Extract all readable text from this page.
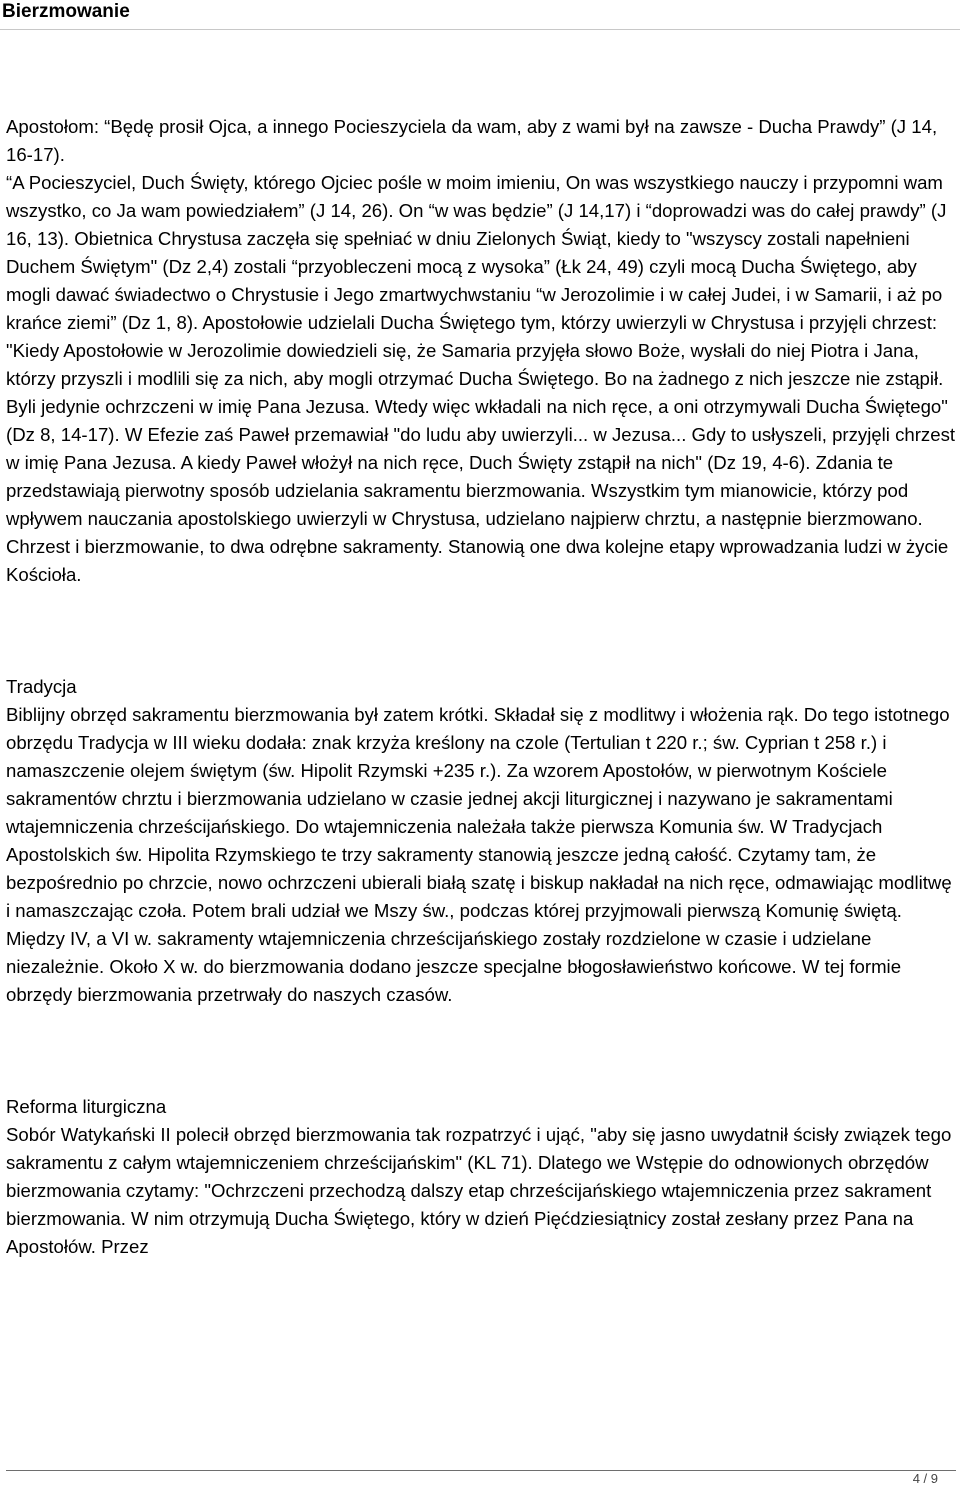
Bierzmowanie

Apostołom: “Będę prosił Ojca, a innego Pocieszyciela da wam, aby z wami był na zawsze - Ducha Prawdy” (J 14, 16-17).

“A Pocieszyciel, Duch Święty, którego Ojciec pośle w moim imieniu, On was wszystkiego nauczy i przypomni wam wszystko, co Ja wam powiedziałem” (J 14, 26). On “w was będzie” (J 14,17) i “doprowadzi was do całej prawdy” (J 16, 13). Obietnica Chrystusa zaczęła się spełniać w dniu Zielonych Świąt, kiedy to "wszyscy zostali napełnieni Duchem Świętym" (Dz 2,4) zostali “przyobleczeni mocą z wysoka” (Łk 24, 49) czyli mocą Ducha Świętego, aby mogli dawać świadectwo o Chrystusie i Jego zmartwychwstaniu “w Jerozolimie i w całej Judei, i w Samarii, i aż po krańce ziemi” (Dz 1, 8). Apostołowie udzielali Ducha Świętego tym, którzy uwierzyli w Chrystusa i przyjęli chrzest: "Kiedy Apostołowie w Jerozolimie dowiedzieli się, że Samaria przyjęła słowo Boże, wysłali do niej Piotra i Jana, którzy przyszli i modlili się za nich, aby mogli otrzymać Ducha Świętego. Bo na żadnego z nich jeszcze nie zstąpił. Byli jedynie ochrzczeni w imię Pana Jezusa. Wtedy więc wkładali na nich ręce, a oni otrzymywali Ducha Świętego" (Dz 8, 14-17). W Efezie zaś Paweł przemawiał "do ludu aby uwierzyli... w Jezusa... Gdy to usłyszeli, przyjęli chrzest w imię Pana Jezusa. A kiedy Paweł włożył na nich ręce, Duch Święty zstąpił na nich" (Dz 19, 4-6). Zdania te przedstawiają pierwotny sposób udzielania sakramentu bierzmowania. Wszystkim tym mianowicie, którzy pod wpływem nauczania apostolskiego uwierzyli w Chrystusa, udzielano najpierw chrztu, a następnie bierzmowano. Chrzest i bierzmowanie, to dwa odrębne sakramenty. Stanowią one dwa kolejne etapy wprowadzania ludzi w życie Kościoła.

Tradycja

Biblijny obrzęd sakramentu bierzmowania był zatem krótki. Składał się z modlitwy i włożenia rąk. Do tego istotnego obrzędu Tradycja w III wieku dodała: znak krzyża kreślony na czole (Tertulian t 220 r.; św. Cyprian t 258 r.) i namaszczenie olejem świętym (św. Hipolit Rzymski +235 r.). Za wzorem Apostołów, w pierwotnym Kościele sakramentów chrztu i bierzmowania udzielano w czasie jednej akcji liturgicznej i nazywano je sakramentami wtajemniczenia chrześcijańskiego. Do wtajemniczenia należała także pierwsza Komunia św. W Tradycjach Apostolskich św. Hipolita Rzymskiego te trzy sakramenty stanowią jeszcze jedną całość. Czytamy tam, że bezpośrednio po chrzcie, nowo ochrzczeni ubierali białą szatę i biskup nakładał na nich ręce, odmawiając modlitwę i namaszczając czoła. Potem brali udział we Mszy św., podczas której przyjmowali pierwszą Komunię świętą. Między IV, a VI w. sakramenty wtajemniczenia chrześcijańskiego zostały rozdzielone w czasie i udzielane niezależnie. Około X w. do bierzmowania dodano jeszcze specjalne błogosławieństwo końcowe. W tej formie obrzędy bierzmowania przetrwały do naszych czasów.

Reforma liturgiczna

Sobór Watykański II polecił obrzęd bierzmowania tak rozpatrzyć i ująć, "aby się jasno uwydatnił ścisły związek tego sakramentu z całym wtajemniczeniem chrześcijańskim" (KL 71). Dlatego we Wstępie do odnowionych obrzędów bierzmowania czytamy: "Ochrzczeni przechodzą dalszy etap chrześcijańskiego wtajemniczenia przez sakrament bierzmowania. W nim otrzymują Ducha Świętego, który w dzień Pięćdziesiątnicy został zesłany przez Pana na Apostołów. Przez

4 / 9
